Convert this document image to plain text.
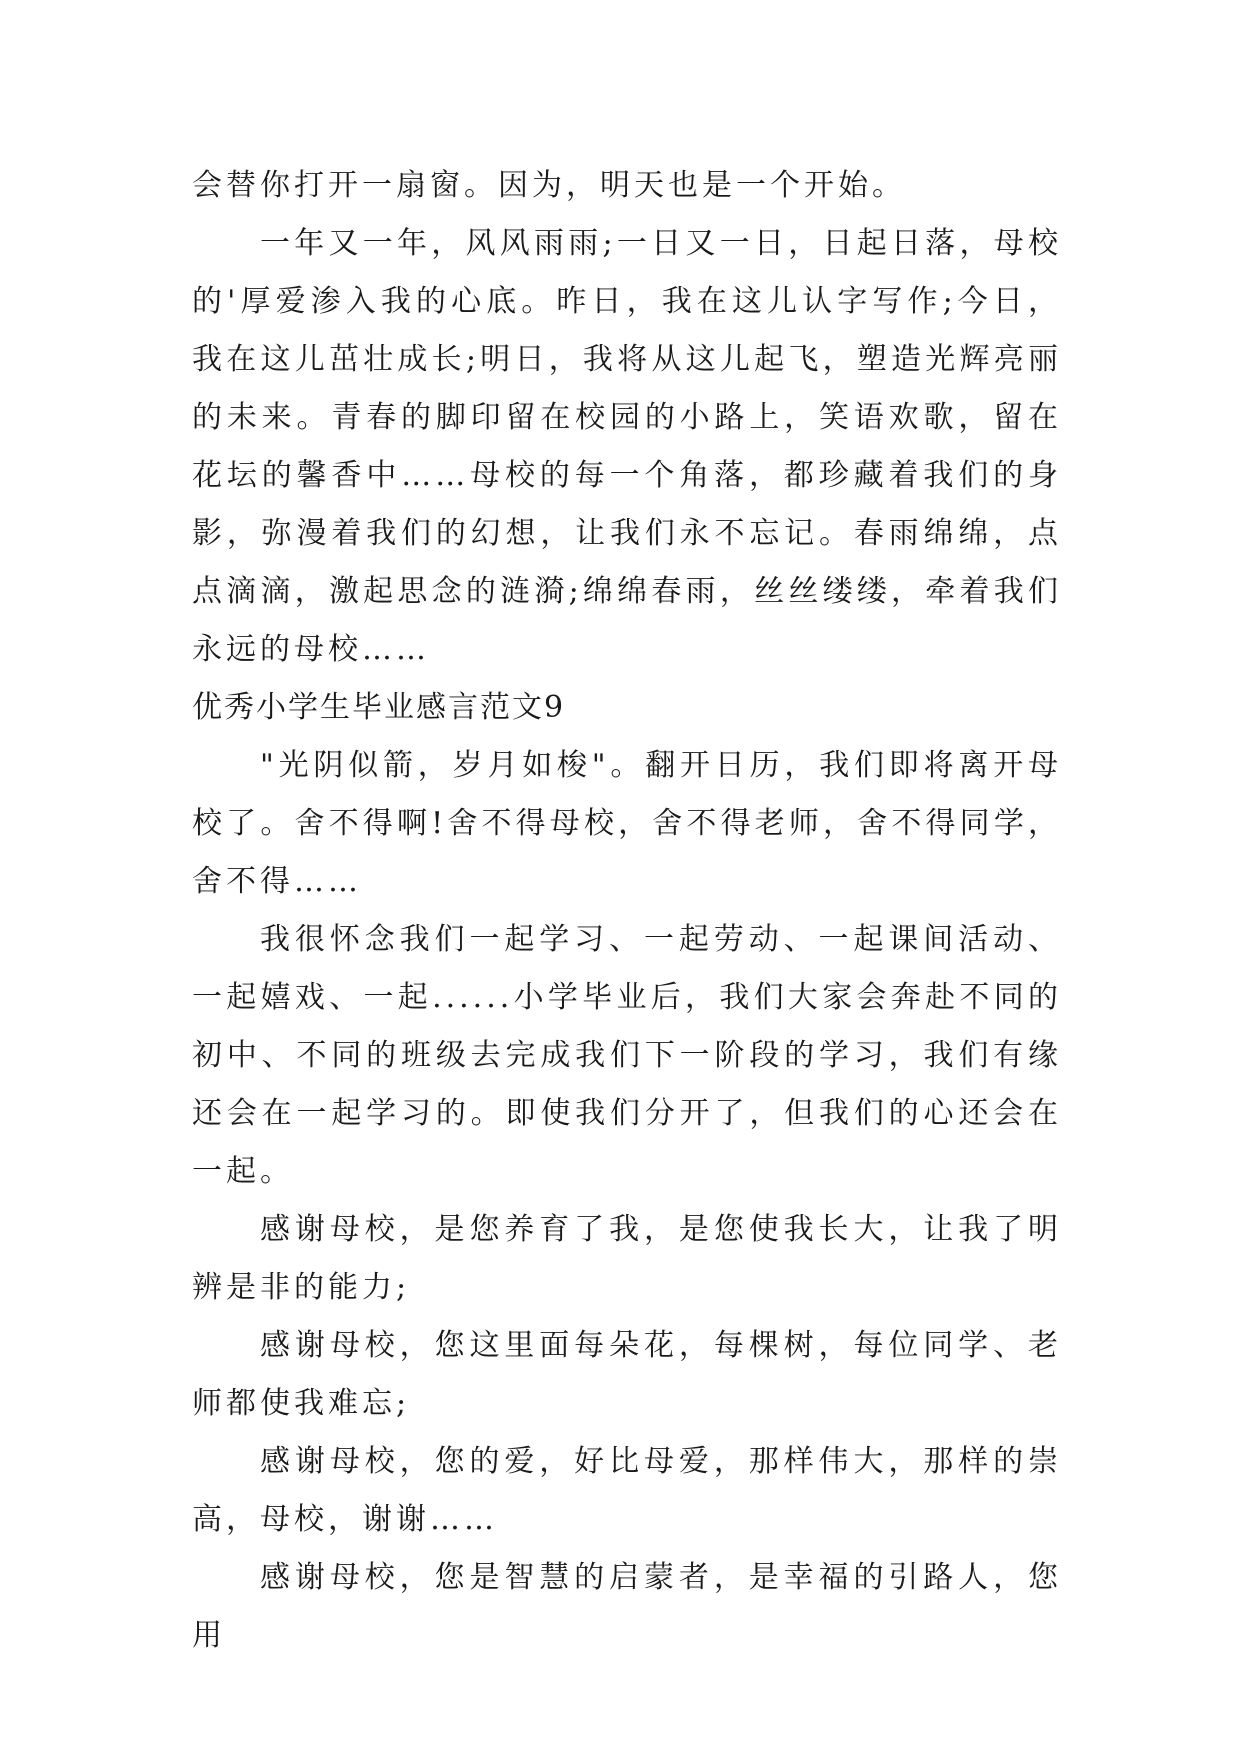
会替你打开一扇窗。因为，明天也是一个开始。

一年又一年，风风雨雨;一日又一日，日起日落，母校的'厚爱渗入我的心底。昨日，我在这儿认字写作;今日，我在这儿茁壮成长;明日，我将从这儿起飞，塑造光辉亮丽的未来。青春的脚印留在校园的小路上，笑语欢歌，留在花坛的馨香中……母校的每一个角落，都珍藏着我们的身影，弥漫着我们的幻想，让我们永不忘记。春雨绵绵，点点滴滴，激起思念的涟漪;绵绵春雨，丝丝缕缕，牵着我们永远的母校……

优秀小学生毕业感言范文9

"光阴似箭，岁月如梭"。翻开日历，我们即将离开母校了。舍不得啊!舍不得母校，舍不得老师，舍不得同学，舍不得……

我很怀念我们一起学习、一起劳动、一起课间活动、一起嬉戏、一起......小学毕业后，我们大家会奔赴不同的初中、不同的班级去完成我们下一阶段的学习，我们有缘还会在一起学习的。即使我们分开了，但我们的心还会在一起。

感谢母校，是您养育了我，是您使我长大，让我了明辨是非的能力;

感谢母校，您这里面每朵花，每棵树，每位同学、老师都使我难忘;

感谢母校，您的爱，好比母爱，那样伟大，那样的崇高，母校，谢谢……

感谢母校，您是智慧的启蒙者，是幸福的引路人，您用
